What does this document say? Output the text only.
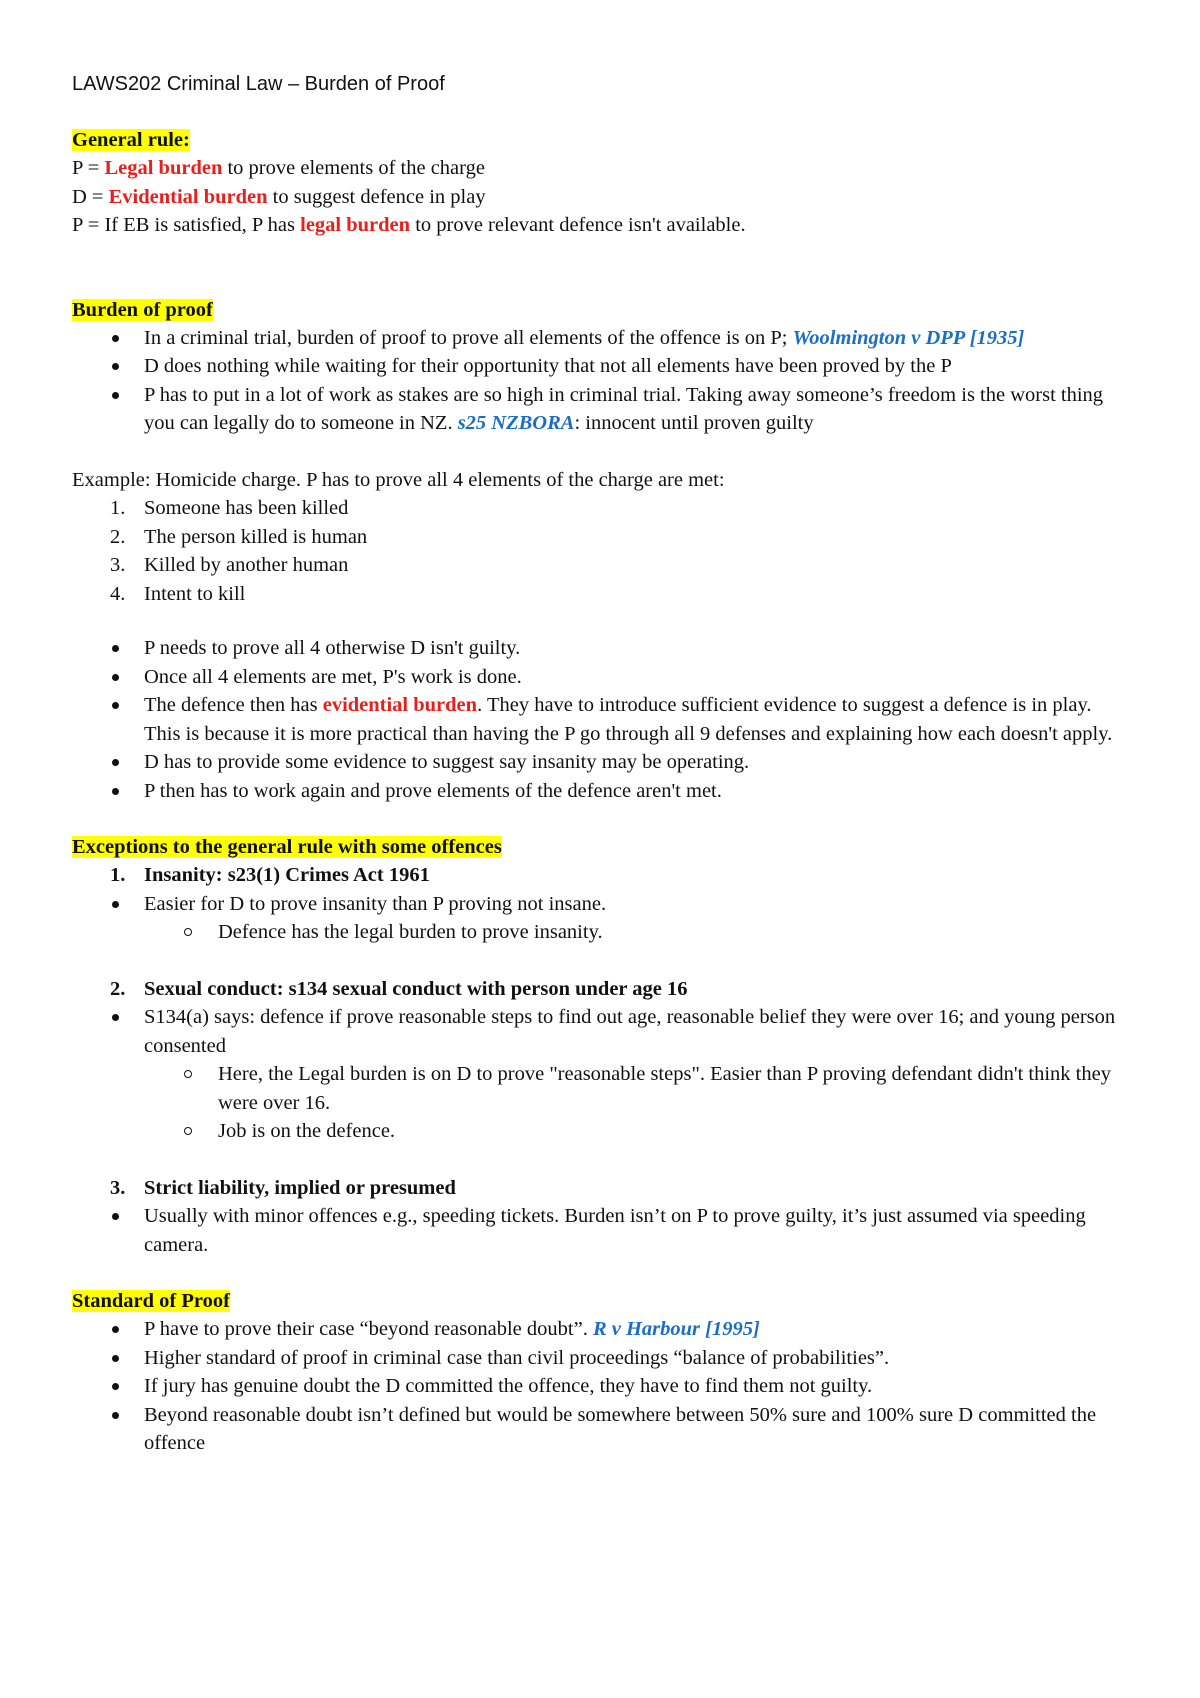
LAWS202 Criminal Law – Burden of Proof

General rule:

P = Legal burden to prove elements of the charge

D = Evidential burden to suggest defence in play

P = If EB is satisfied, P has legal burden to prove relevant defence isn't available.

Burden of proof

In a criminal trial, burden of proof to prove all elements of the offence is on P; Woolmington v DPP [1935]
D does nothing while waiting for their opportunity that not all elements have been proved by the P
P has to put in a lot of work as stakes are so high in criminal trial. Taking away someone’s freedom is the worst thing you can legally do to someone in NZ. s25 NZBORA: innocent until proven guilty

Example: Homicide charge. P has to prove all 4 elements of the charge are met:

1. Someone has been killed
2. The person killed is human
3. Killed by another human
4. Intent to kill
P needs to prove all 4 otherwise D isn't guilty.
Once all 4 elements are met, P's work is done.
The defence then has evidential burden. They have to introduce sufficient evidence to suggest a defence is in play. This is because it is more practical than having the P go through all 9 defenses and explaining how each doesn't apply.
D has to provide some evidence to suggest say insanity may be operating.
P then has to work again and prove elements of the defence aren't met.

Exceptions to the general rule with some offences

1. Insanity: s23(1) Crimes Act 1961
Easier for D to prove insanity than P proving not insane.
Defence has the legal burden to prove insanity.
2. Sexual conduct: s134 sexual conduct with person under age 16
S134(a) says: defence if prove reasonable steps to find out age, reasonable belief they were over 16; and young person consented
Here, the Legal burden is on D to prove "reasonable steps". Easier than P proving defendant didn't think they were over 16.
Job is on the defence.
3. Strict liability, implied or presumed
Usually with minor offences e.g., speeding tickets. Burden isn’t on P to prove guilty, it’s just assumed via speeding camera.

Standard of Proof

P have to prove their case “beyond reasonable doubt”. R v Harbour [1995]
Higher standard of proof in criminal case than civil proceedings “balance of probabilities”.
If jury has genuine doubt the D committed the offence, they have to find them not guilty.
Beyond reasonable doubt isn’t defined but would be somewhere between 50% sure and 100% sure D committed the offence
